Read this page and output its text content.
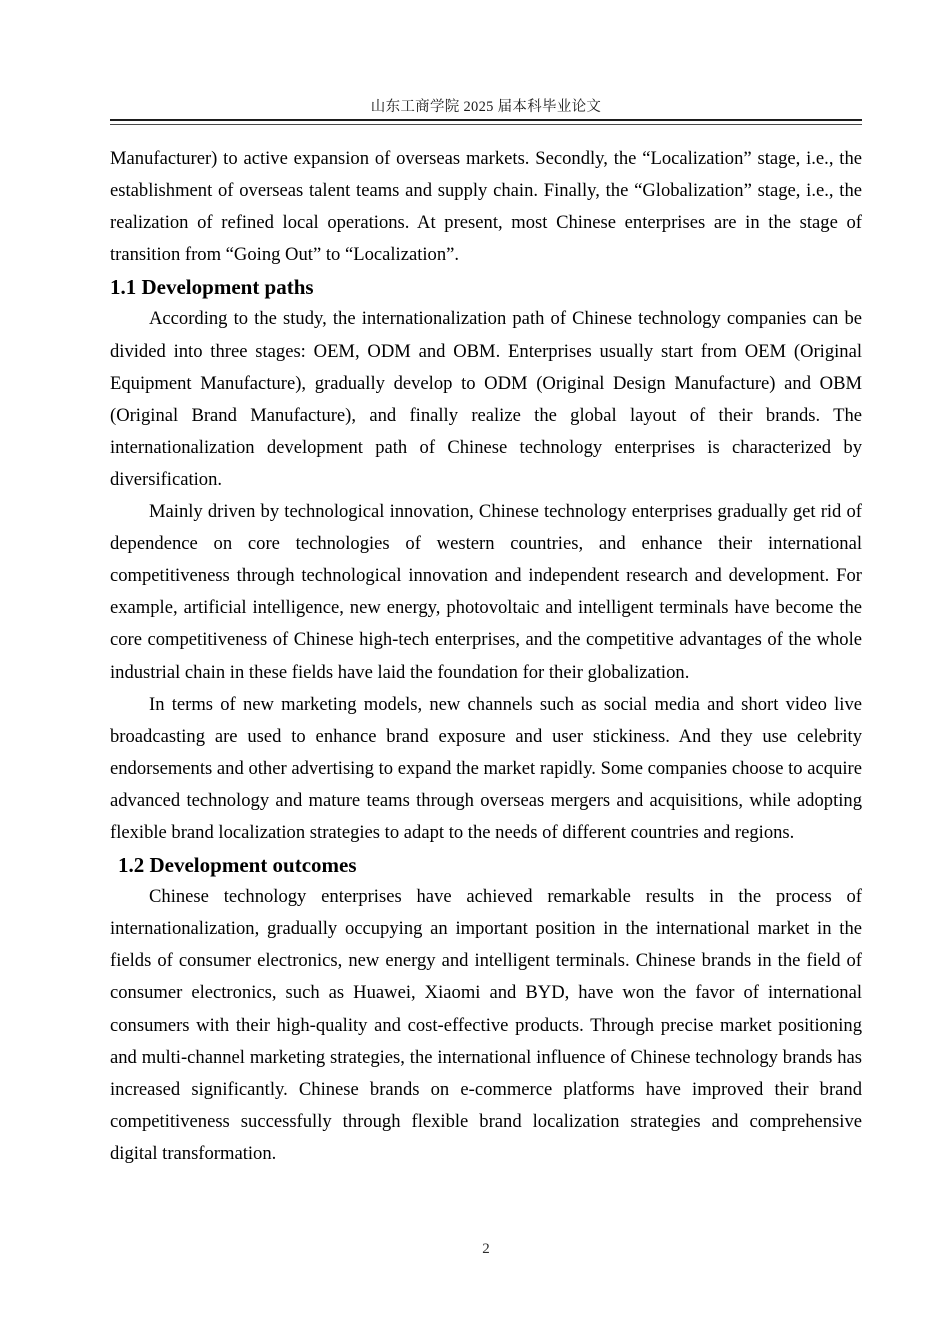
山东工商学院 2025 届本科毕业论文

Manufacturer) to active expansion of overseas markets. Secondly, the “Localization” stage, i.e., the establishment of overseas talent teams and supply chain. Finally, the “Globalization” stage, i.e., the realization of refined local operations. At present, most Chinese enterprises are in the stage of transition from “Going Out” to “Localization”.

1.1 Development paths

According to the study, the internationalization path of Chinese technology companies can be divided into three stages: OEM, ODM and OBM. Enterprises usually start from OEM (Original Equipment Manufacture), gradually develop to ODM (Original Design Manufacture) and OBM (Original Brand Manufacture), and finally realize the global layout of their brands. The internationalization development path of Chinese technology enterprises is characterized by diversification.

Mainly driven by technological innovation, Chinese technology enterprises gradually get rid of dependence on core technologies of western countries, and enhance their international competitiveness through technological innovation and independent research and development. For example, artificial intelligence, new energy, photovoltaic and intelligent terminals have become the core competitiveness of Chinese high-tech enterprises, and the competitive advantages of the whole industrial chain in these fields have laid the foundation for their globalization.

In terms of new marketing models, new channels such as social media and short video live broadcasting are used to enhance brand exposure and user stickiness. And they use celebrity endorsements and other advertising to expand the market rapidly. Some companies choose to acquire advanced technology and mature teams through overseas mergers and acquisitions, while adopting flexible brand localization strategies to adapt to the needs of different countries and regions.

1.2 Development outcomes

Chinese technology enterprises have achieved remarkable results in the process of internationalization, gradually occupying an important position in the international market in the fields of consumer electronics, new energy and intelligent terminals. Chinese brands in the field of consumer electronics, such as Huawei, Xiaomi and BYD, have won the favor of international consumers with their high-quality and cost-effective products. Through precise market positioning and multi-channel marketing strategies, the international influence of Chinese technology brands has increased significantly. Chinese brands on e-commerce platforms have improved their brand competitiveness successfully through flexible brand localization strategies and comprehensive digital transformation.

2
